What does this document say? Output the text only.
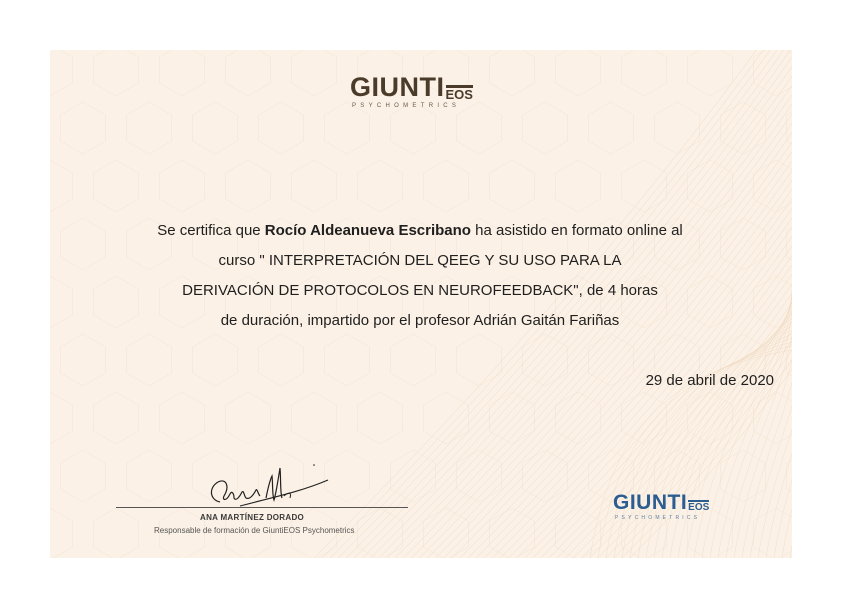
GIUNTI EOS
PSYCHOMETRICS
Se certifica que Rocío Aldeanueva Escribano ha asistido en formato online al
curso " INTERPRETACIÓN DEL QEEG Y SU USO PARA LA
DERIVACIÓN DE PROTOCOLOS EN NEUROFEEDBACK", de 4 horas
de duración, impartido por el profesor Adrián Gaitán Fariñas
29 de abril de 2020
ANA MARTÍNEZ DORADO
Responsable de formación de GiuntiEOS Psychometrics
GIUNTI EOS
PSYCHOMETRICS
